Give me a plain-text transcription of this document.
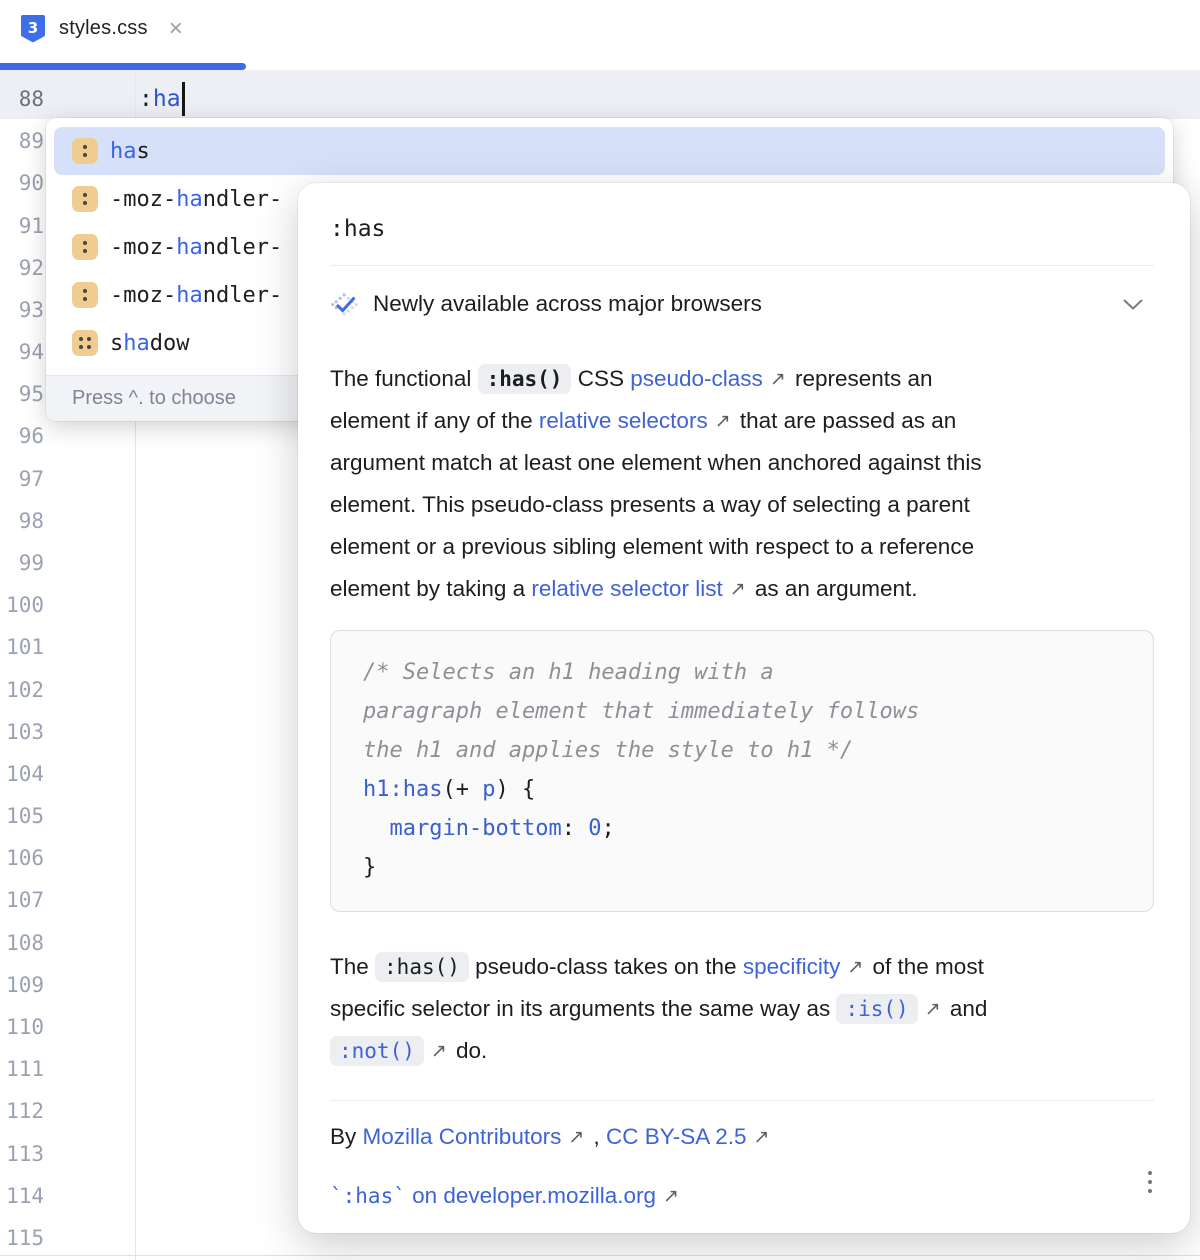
3 styles.css ×
88
89
90
91
92
93
94
95
96
97
98
99
100
101
102
103
104
105
106
107
108
109
110
111
112
113
114
115
: ha
has
-moz-handler-
-moz-handler-
-moz-handler-
shadow
Press ^. to choose
:has
Newly available across major browsers
The functional :has() CSS pseudo-class ↗ represents an
element if any of the relative selectors ↗ that are passed as an
argument match at least one element when anchored against this
element. This pseudo-class presents a way of selecting a parent
element or a previous sibling element with respect to a reference
element by taking a relative selector list ↗ as an argument.
/* Selects an h1 heading with a
paragraph element that immediately follows
the h1 and applies the style to h1 */
h1:has (+ p ) {

margin-bottom : 0 ;
}
The :has() pseudo-class takes on the specificity ↗ of the most
specific selector in its arguments the same way as :is() ↗ and
:not() ↗ do.
By Mozilla Contributors ↗ , CC BY-SA 2.5 ↗
`:has` on developer.mozilla.org ↗
